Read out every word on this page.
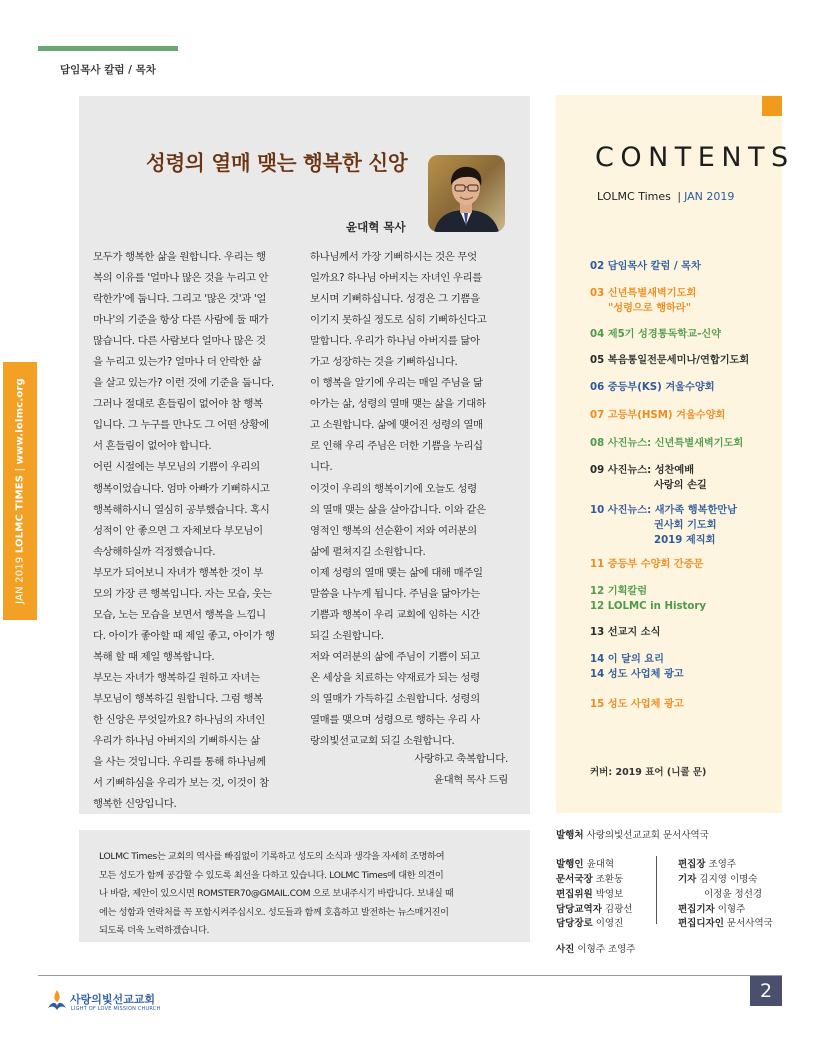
담임목사 칼럼 / 목차
JAN 2019 LOLMC TIMES | www.lolmc.org
성령의 열매 맺는 행복한 신앙
윤대혁 목사
모두가 행복한 삶을 원합니다. 우리는 행
복의 이유를 '얼마나 많은 것을 누리고 안
락한가'에 둡니다. 그리고 '많은 것'과 '얼
마나'의 기준을 항상 다른 사람에 둘 때가
많습니다. 다른 사람보다 얼마나 많은 것
을 누리고 있는가? 얼마나 더 안락한 삶
을 살고 있는가? 이런 것에 기준을 둡니다.
그러나 절대로 흔들림이 없어야 참 행복
입니다. 그 누구를 만나도 그 어떤 상황에
서 흔들림이 없어야 합니다.
어린 시절에는 부모님의 기쁨이 우리의
행복이었습니다. 엄마 아빠가 기뻐하시고
행복해하시니 열심히 공부했습니다. 혹시
성적이 안 좋으면 그 자체보다 부모님이
속상해하실까 걱정했습니다.
부모가 되어보니 자녀가 행복한 것이 부
모의 가장 큰 행복입니다. 자는 모습, 웃는
모습, 노는 모습을 보면서 행복을 느낍니
다. 아이가 좋아할 때 제일 좋고, 아이가 행
복해 할 때 제일 행복합니다.
부모는 자녀가 행복하길 원하고 자녀는
부모님이 행복하길 원합니다. 그럼 행복
한 신앙은 무엇일까요? 하나님의 자녀인
우리가 하나님 아버지의 기뻐하시는 삶
을 사는 것입니다. 우리를 통해 하나님께
서 기뻐하심을 우리가 보는 것, 이것이 참
행복한 신앙입니다.
하나님께서 가장 기뻐하시는 것은 무엇
일까요? 하나님 아버지는 자녀인 우리를
보시며 기뻐하십니다. 성경은 그 기쁨을
이기지 못하실 정도로 심히 기뻐하신다고
말합니다. 우리가 하나님 아버지를 닮아
가고 성장하는 것을 기뻐하십니다.
이 행복을 알기에 우리는 매일 주님을 닮
아가는 삶, 성령의 열매 맺는 삶을 기대하
고 소원합니다. 삶에 맺어진 성령의 열매
로 인해 우리 주님은 더한 기쁨을 누리십
니다.
이것이 우리의 행복이기에 오늘도 성령
의 열매 맺는 삶을 살아갑니다. 이와 같은
영적인 행복의 선순환이 저와 여러분의
삶에 펼쳐지길 소원합니다.
이제 성령의 열매 맺는 삶에 대해 매주일
말씀을 나누게 됩니다. 주님을 닮아가는
기쁨과 행복이 우리 교회에 임하는 시간
되길 소원합니다.
저와 여러분의 삶에 주님이 기쁨이 되고
온 세상을 치료하는 약재료가 되는 성령
의 열매가 가득하길 소원합니다. 성령의
열매를 맺으며 성령으로 행하는 우리 사
랑의빛선교교회 되길 소원합니다.
사랑하고 축복합니다.
윤대혁 목사 드림
CONTENTS
LOLMC Times | JAN 2019
02 담임목사 칼럼 / 목차
03 신년특별새벽기도회
"성령으로 행하라"
04 제5기 성경통독학교-신약
05 복음통일전문세미나/연합기도회
06 중등부(KS) 겨울수양회
07 고등부(HSM) 겨울수양회
08 사진뉴스: 신년특별새벽기도회
09 사진뉴스: 성찬예배
사랑의 손길
10 사진뉴스: 새가족 행복한만남
권사회 기도회
2019 제직회
11 중등부 수양회 간증문
12 기획칼럼
12 LOLMC in History
13 선교지 소식
14 이 달의 요리
14 성도 사업체 광고
15 성도 사업체 광고
커버: 2019 표어 (니콜 문)
LOLMC Times는 교회의 역사를 빠짐없이 기록하고 성도의 소식과 생각을 자세히 조명하여
모든 성도가 함께 공감할 수 있도록 최선을 다하고 있습니다. LOLMC Times에 대한 의견이
나 바람, 제안이 있으시면 ROMSTER70@GMAIL.COM 으로 보내주시기 바랍니다. 보내실 때
에는 성함과 연락처를 꼭 포함시켜주십시오. 성도들과 함께 호흡하고 발전하는 뉴스매거진이
되도록 더욱 노력하겠습니다.
발행처 사랑의빛선교교회 문서사역국
발행인 윤대혁
문서국장 조환동
편집위원 박영보
담당교역자 김광선
담당장로 이영진
편집장 조영주
기자 김지영 이명숙
이정윤 정선경
편집기자 이형주
편집디자인 문서사역국
사진 이형주 조영주
사랑의빛선교교회
LIGHT OF LOVE MISSION CHURCH
2
